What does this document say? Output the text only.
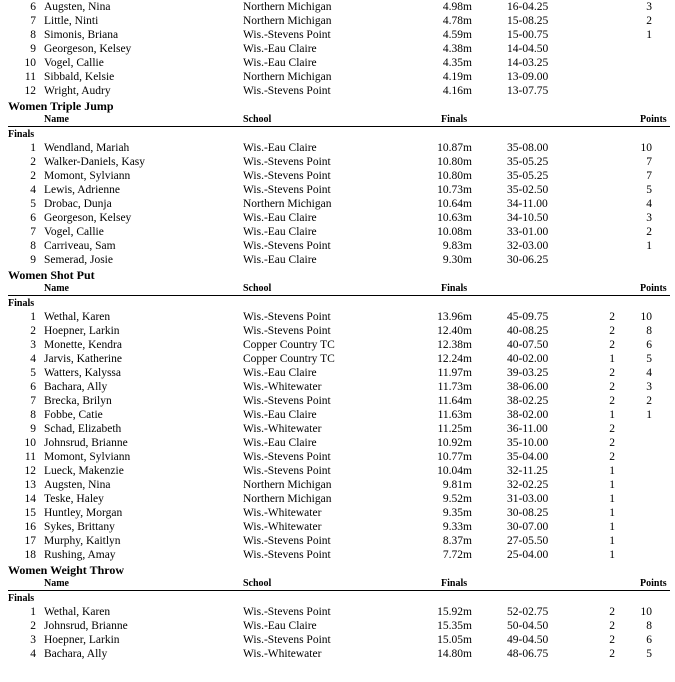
6 Augsten, Nina	Northern Michigan	4.98m	16-04.25	3
7 Little, Ninti	Northern Michigan	4.78m	15-08.25	2
8 Simonis, Briana	Wis.-Stevens Point	4.59m	15-00.75	1
9 Georgeson, Kelsey	Wis.-Eau Claire	4.38m	14-04.50
10 Vogel, Callie	Wis.-Eau Claire	4.35m	14-03.25
11 Sibbald, Kelsie	Northern Michigan	4.19m	13-09.00
12 Wright, Audry	Wis.-Stevens Point	4.16m	13-07.75
Women Triple Jump
Name	School	Finals	Points
Finals
1 Wendland, Mariah	Wis.-Eau Claire	10.87m	35-08.00	10
2 Walker-Daniels, Kasy	Wis.-Stevens Point	10.80m	35-05.25	7
2 Momont, Sylviann	Wis.-Stevens Point	10.80m	35-05.25	7
4 Lewis, Adrienne	Wis.-Stevens Point	10.73m	35-02.50	5
5 Drobac, Dunja	Northern Michigan	10.64m	34-11.00	4
6 Georgeson, Kelsey	Wis.-Eau Claire	10.63m	34-10.50	3
7 Vogel, Callie	Wis.-Eau Claire	10.08m	33-01.00	2
8 Carriveau, Sam	Wis.-Stevens Point	9.83m	32-03.00	1
9 Semerad, Josie	Wis.-Eau Claire	9.30m	30-06.25
Women Shot Put
Name	School	Finals	Points
Finals
1 Wethal, Karen	Wis.-Stevens Point	13.96m	45-09.75	2	10
2 Hoepner, Larkin	Wis.-Stevens Point	12.40m	40-08.25	2	8
3 Monette, Kendra	Copper Country TC	12.38m	40-07.50	2	6
4 Jarvis, Katherine	Copper Country TC	12.24m	40-02.00	1	5
5 Watters, Kalyssa	Wis.-Eau Claire	11.97m	39-03.25	2	4
6 Bachara, Ally	Wis.-Whitewater	11.73m	38-06.00	2	3
7 Brecka, Brilyn	Wis.-Stevens Point	11.64m	38-02.25	2	2
8 Fobbe, Catie	Wis.-Eau Claire	11.63m	38-02.00	1	1
9 Schad, Elizabeth	Wis.-Whitewater	11.25m	36-11.00	2
10 Johnsrud, Brianne	Wis.-Eau Claire	10.92m	35-10.00	2
11 Momont, Sylviann	Wis.-Stevens Point	10.77m	35-04.00	2
12 Lueck, Makenzie	Wis.-Stevens Point	10.04m	32-11.25	1
13 Augsten, Nina	Northern Michigan	9.81m	32-02.25	1
14 Teske, Haley	Northern Michigan	9.52m	31-03.00	1
15 Huntley, Morgan	Wis.-Whitewater	9.35m	30-08.25	1
16 Sykes, Brittany	Wis.-Whitewater	9.33m	30-07.00	1
17 Murphy, Kaitlyn	Wis.-Stevens Point	8.37m	27-05.50	1
18 Rushing, Amay	Wis.-Stevens Point	7.72m	25-04.00	1
Women Weight Throw
Name	School	Finals	Points
Finals
1 Wethal, Karen	Wis.-Stevens Point	15.92m	52-02.75	2	10
2 Johnsrud, Brianne	Wis.-Eau Claire	15.35m	50-04.50	2	8
3 Hoepner, Larkin	Wis.-Stevens Point	15.05m	49-04.50	2	6
4 Bachara, Ally	Wis.-Whitewater	14.80m	48-06.75	2	5
